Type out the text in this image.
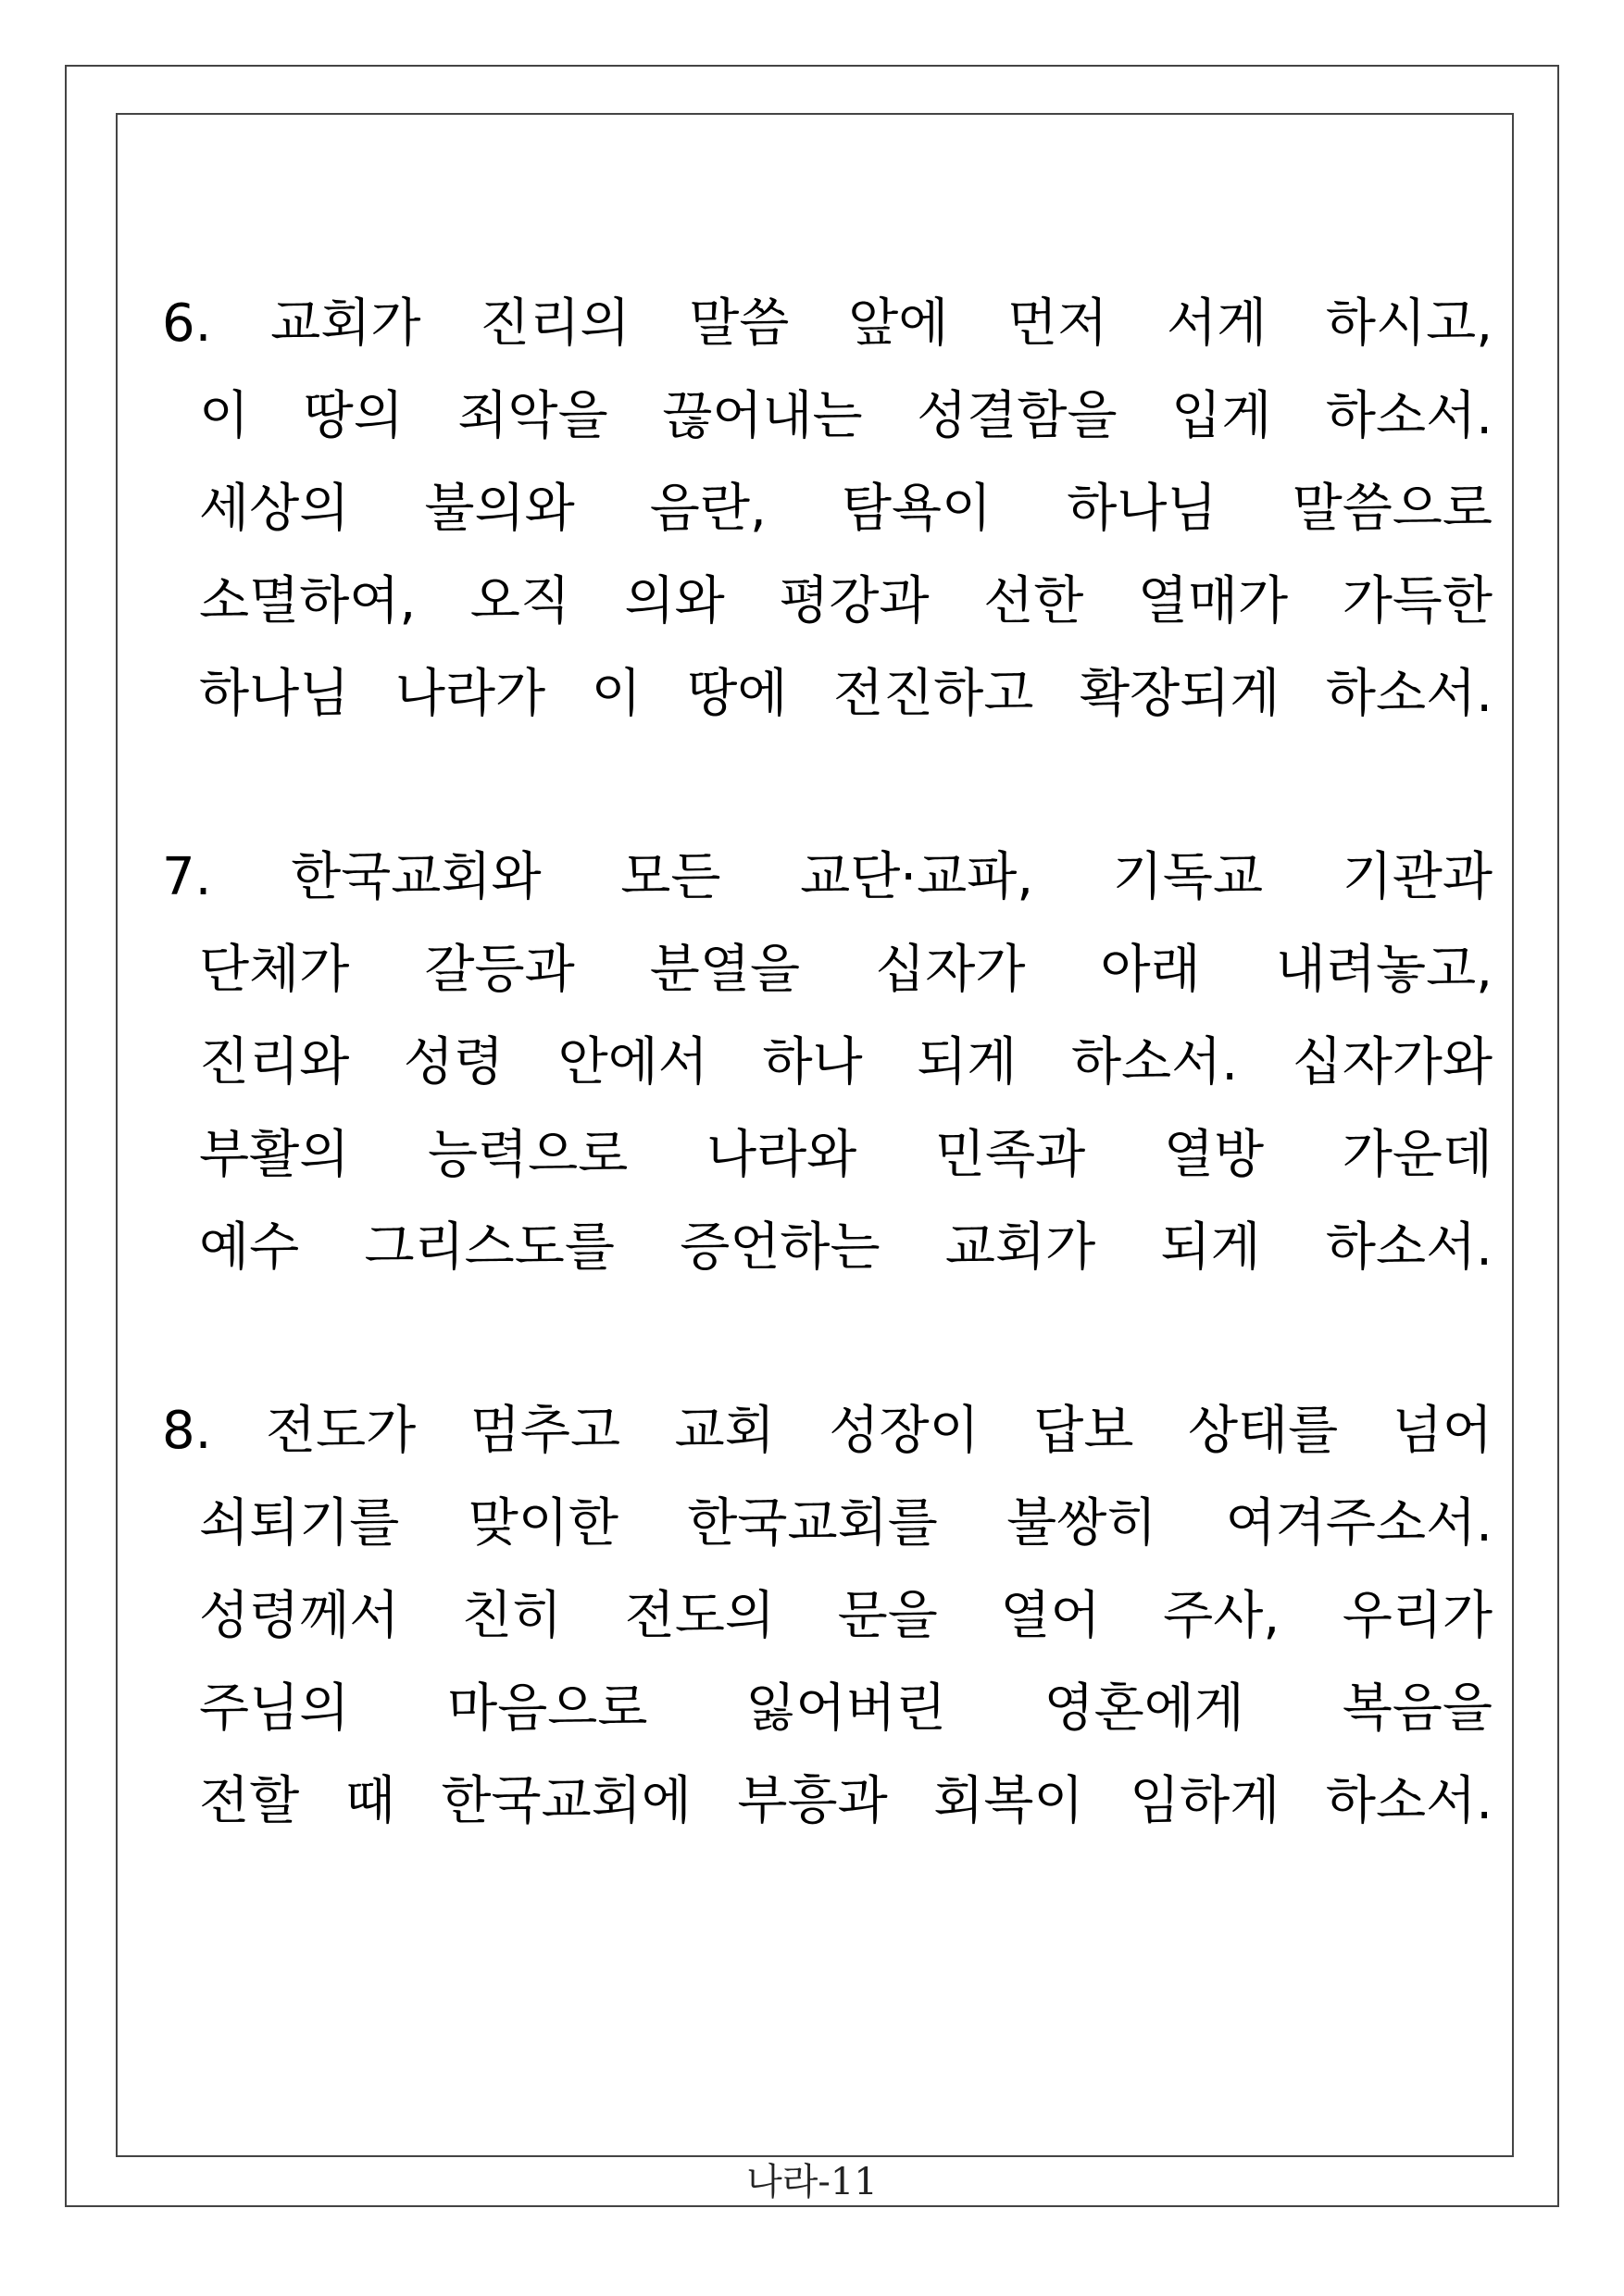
6. 교회가 진리의 말씀 앞에 먼저 서게 하시고,
이 땅의 죄악을 끊어내는 성결함을 입게 하소서.
세상의 불의와 음란, 탐욕이 하나님 말씀으로
소멸하여, 오직 의와 평강과 선한 열매가 가득한
하나님 나라가 이 땅에 전진하고 확장되게 하소서.
7. 한국교회와 모든 교단·교파, 기독교 기관과
단체가 갈등과 분열을 십자가 아래 내려놓고,
진리와 성령 안에서 하나 되게 하소서. 십자가와
부활의 능력으로 나라와 민족과 열방 가운데
예수 그리스도를 증언하는 교회가 되게 하소서.
8. 전도가 멈추고 교회 성장이 답보 상태를 넘어
쇠퇴기를 맞이한 한국교회를 불쌍히 여겨주소서.
성령께서 친히 전도의 문을 열어 주사, 우리가
주님의 마음으로 잃어버린 영혼에게 복음을
전할 때 한국교회에 부흥과 회복이 임하게 하소서.
나라-11
